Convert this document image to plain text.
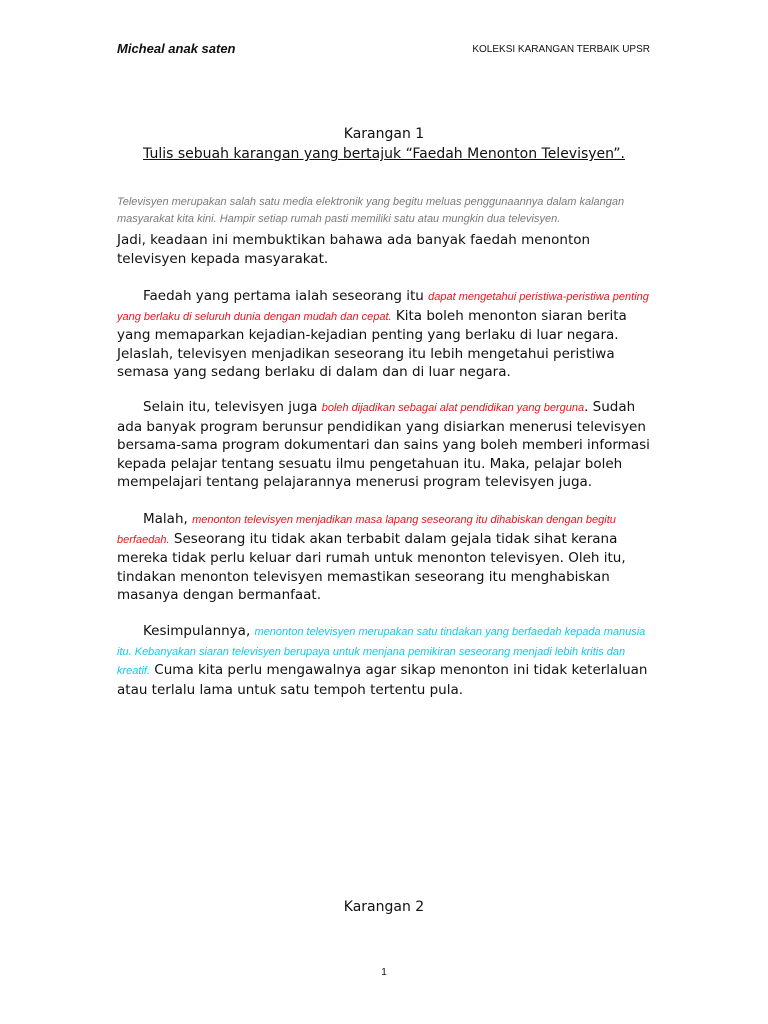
Micheal anak saten	KOLEKSI KARANGAN TERBAIK UPSR
Karangan 1
Tulis sebuah karangan yang bertajuk “Faedah Menonton Televisyen”.
Televisyen merupakan salah satu media elektronik yang begitu meluas penggunaannya dalam kalangan masyarakat kita kini. Hampir setiap rumah pasti memiliki satu atau mungkin dua televisyen.
Jadi, keadaan ini membuktikan bahawa ada banyak faedah menonton televisyen kepada masyarakat.
Faedah yang pertama ialah seseorang itu dapat mengetahui peristiwa-peristiwa penting yang berlaku di seluruh dunia dengan mudah dan cepat. Kita boleh menonton siaran berita yang memaparkan kejadian-kejadian penting yang berlaku di luar negara. Jelaslah, televisyen menjadikan seseorang itu lebih mengetahui peristiwa semasa yang sedang berlaku di dalam dan di luar negara.
Selain itu, televisyen juga boleh dijadikan sebagai alat pendidikan yang berguna. Sudah ada banyak program berunsur pendidikan yang disiarkan menerusi televisyen bersama-sama program dokumentari dan sains yang boleh memberi informasi kepada pelajar tentang sesuatu ilmu pengetahuan itu. Maka, pelajar boleh mempelajari tentang pelajarannya menerusi program televisyen juga.
Malah, menonton televisyen menjadikan masa lapang seseorang itu dihabiskan dengan begitu berfaedah. Seseorang itu tidak akan terbabit dalam gejala tidak sihat kerana mereka tidak perlu keluar dari rumah untuk menonton televisyen. Oleh itu, tindakan menonton televisyen memastikan seseorang itu menghabiskan masanya dengan bermanfaat.
Kesimpulannya, menonton televisyen merupakan satu tindakan yang berfaedah kepada manusia itu. Kebanyakan siaran televisyen berupaya untuk menjana pemikiran seseorang menjadi lebih kritis dan kreatif. Cuma kita perlu mengawalnya agar sikap menonton ini tidak keterlaluan atau terlalu lama untuk satu tempoh tertentu pula.
Karangan 2
1
